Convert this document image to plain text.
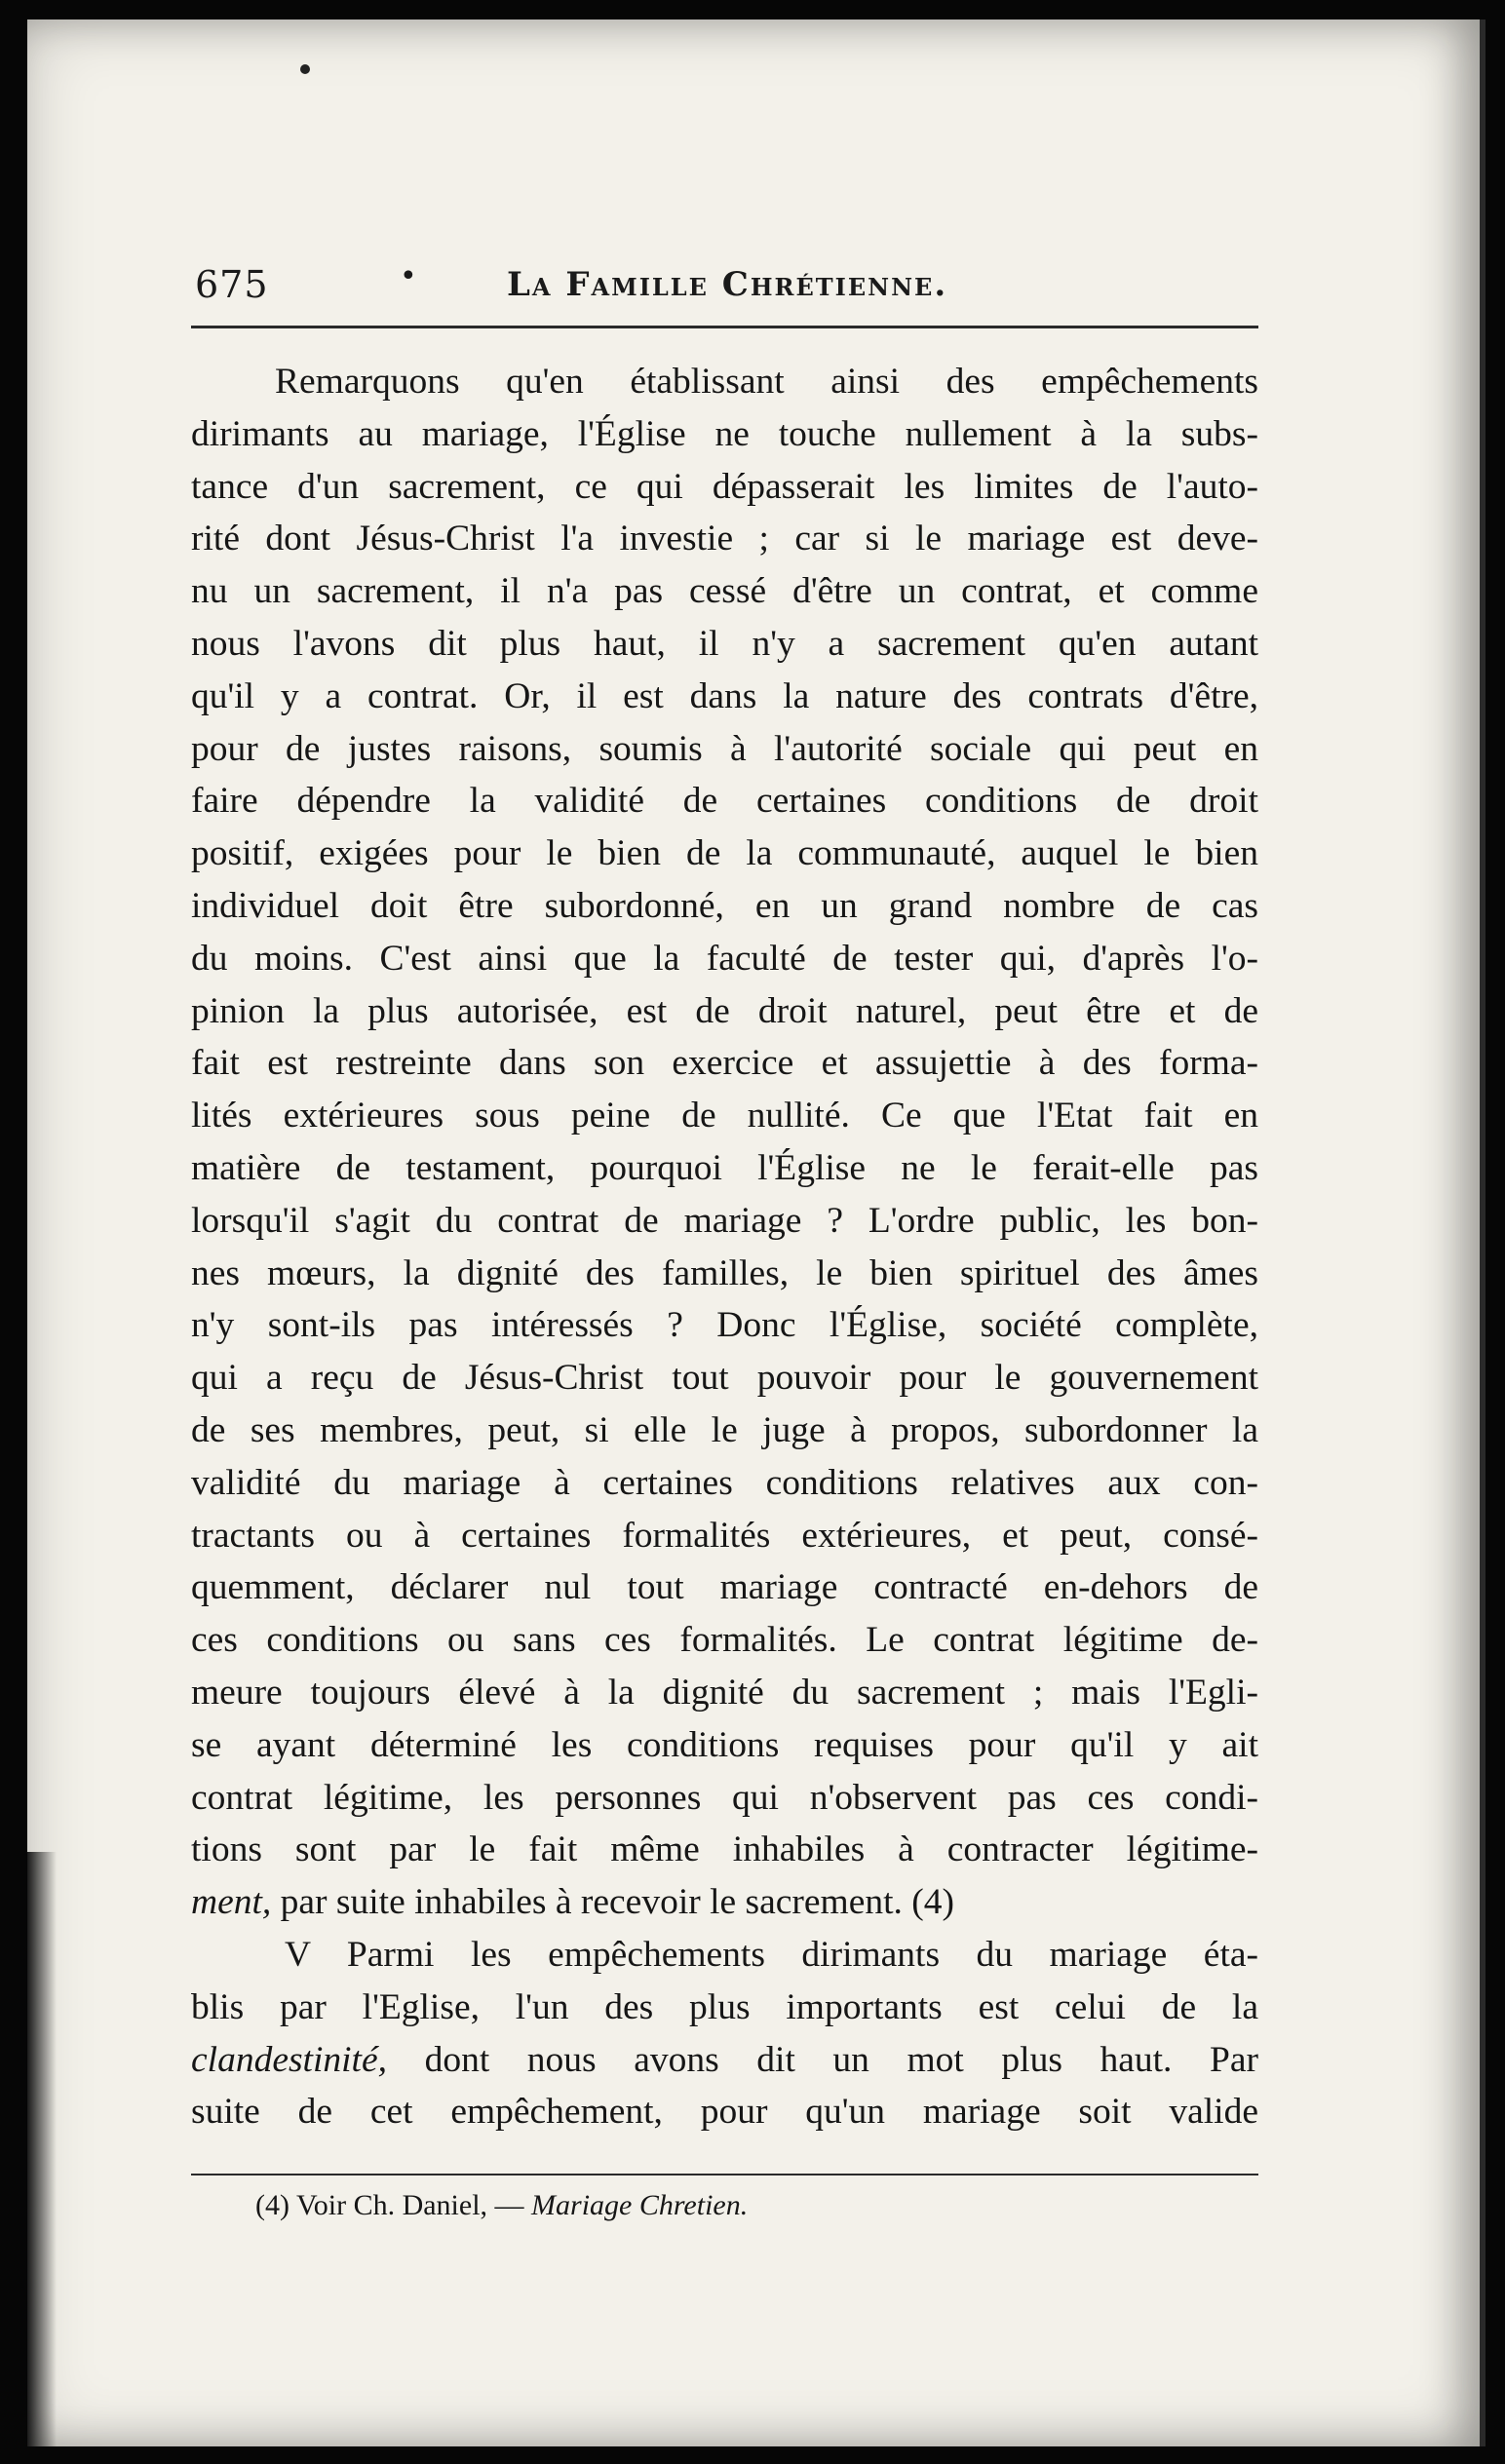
675	•	La Famille Chrétienne.
Remarquons qu'en établissant ainsi des empêchements
dirimants au mariage, l'Église ne touche nullement à la subs-
tance d'un sacrement, ce qui dépasserait les limites de l'auto-
rité dont Jésus-Christ l'a investie ; car si le mariage est deve-
nu un sacrement, il n'a pas cessé d'être un contrat, et comme
nous l'avons dit plus haut, il n'y a sacrement qu'en autant
qu'il y a contrat. Or, il est dans la nature des contrats d'être,
pour de justes raisons, soumis à l'autorité sociale qui peut en
faire dépendre la validité de certaines conditions de droit
positif, exigées pour le bien de la communauté, auquel le bien
individuel doit être subordonné, en un grand nombre de cas
du moins. C'est ainsi que la faculté de tester qui, d'après l'o-
pinion la plus autorisée, est de droit naturel, peut être et de
fait est restreinte dans son exercice et assujettie à des forma-
lités extérieures sous peine de nullité. Ce que l'Etat fait en
matière de testament, pourquoi l'Église ne le ferait-elle pas
lorsqu'il s'agit du contrat de mariage ? L'ordre public, les bon-
nes mœurs, la dignité des familles, le bien spirituel des âmes
n'y sont-ils pas intéressés ? Donc l'Église, société complète,
qui a reçu de Jésus-Christ tout pouvoir pour le gouvernement
de ses membres, peut, si elle le juge à propos, subordonner la
validité du mariage à certaines conditions relatives aux con-
tractants ou à certaines formalités extérieures, et peut, consé-
quemment, déclarer nul tout mariage contracté en-dehors de
ces conditions ou sans ces formalités. Le contrat légitime de-
meure toujours élevé à la dignité du sacrement ; mais l'Egli-
se ayant déterminé les conditions requises pour qu'il y ait
contrat légitime, les personnes qui n'observent pas ces condi-
tions sont par le fait même inhabiles à contracter légitime-
ment, par suite inhabiles à recevoir le sacrement. (4)
V Parmi les empêchements dirimants du mariage éta-
blis par l'Eglise, l'un des plus importants est celui de la
clandestinité, dont nous avons dit un mot plus haut. Par
suite de cet empêchement, pour qu'un mariage soit valide
(4) Voir Ch. Daniel, — Mariage Chretien.
